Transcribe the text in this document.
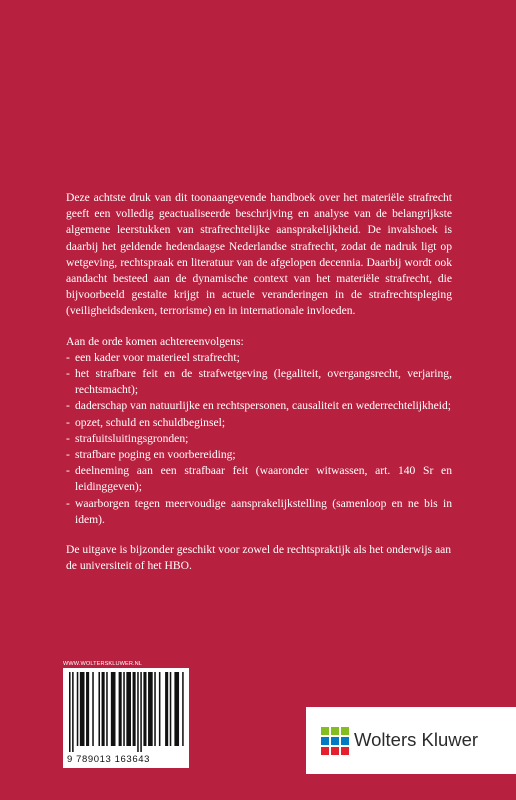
Deze achtste druk van dit toonaangevende handboek over het materiële strafrecht geeft een volledig geactualiseerde beschrijving en analyse van de belangrijkste algemene leerstukken van strafrechtelijke aansprakelijkheid. De invalshoek is daarbij het geldende hedendaagse Nederlandse strafrecht, zodat de nadruk ligt op wetgeving, rechtspraak en literatuur van de afgelopen decennia. Daarbij wordt ook aandacht besteed aan de dynamische context van het materiële strafrecht, die bijvoorbeeld gestalte krijgt in actuele veranderingen in de strafrechtspleging (veiligheidsdenken, terrorisme) en in internationale invloeden.

Aan de orde komen achtereenvolgens:

- een kader voor materieel strafrecht;
- het strafbare feit en de strafwetgeving (legaliteit, overgangsrecht, verjaring, rechtsmacht);
- daderschap van natuurlijke en rechtspersonen, causaliteit en wederrechtelijkheid;
- opzet, schuld en schuldbeginsel;
- strafuitsluitingsgronden;
- strafbare poging en voorbereiding;
- deelneming aan een strafbaar feit (waaronder witwassen, art. 140 Sr en leidinggeven);
- waarborgen tegen meervoudige aansprakelijkstelling (samenloop en ne bis in idem).

De uitgave is bijzonder geschikt voor zowel de rechtspraktijk als het onderwijs aan de universiteit of het HBO.

WWW.WOLTERSKLUWER.NL
9 789013 163643
Wolters Kluwer
